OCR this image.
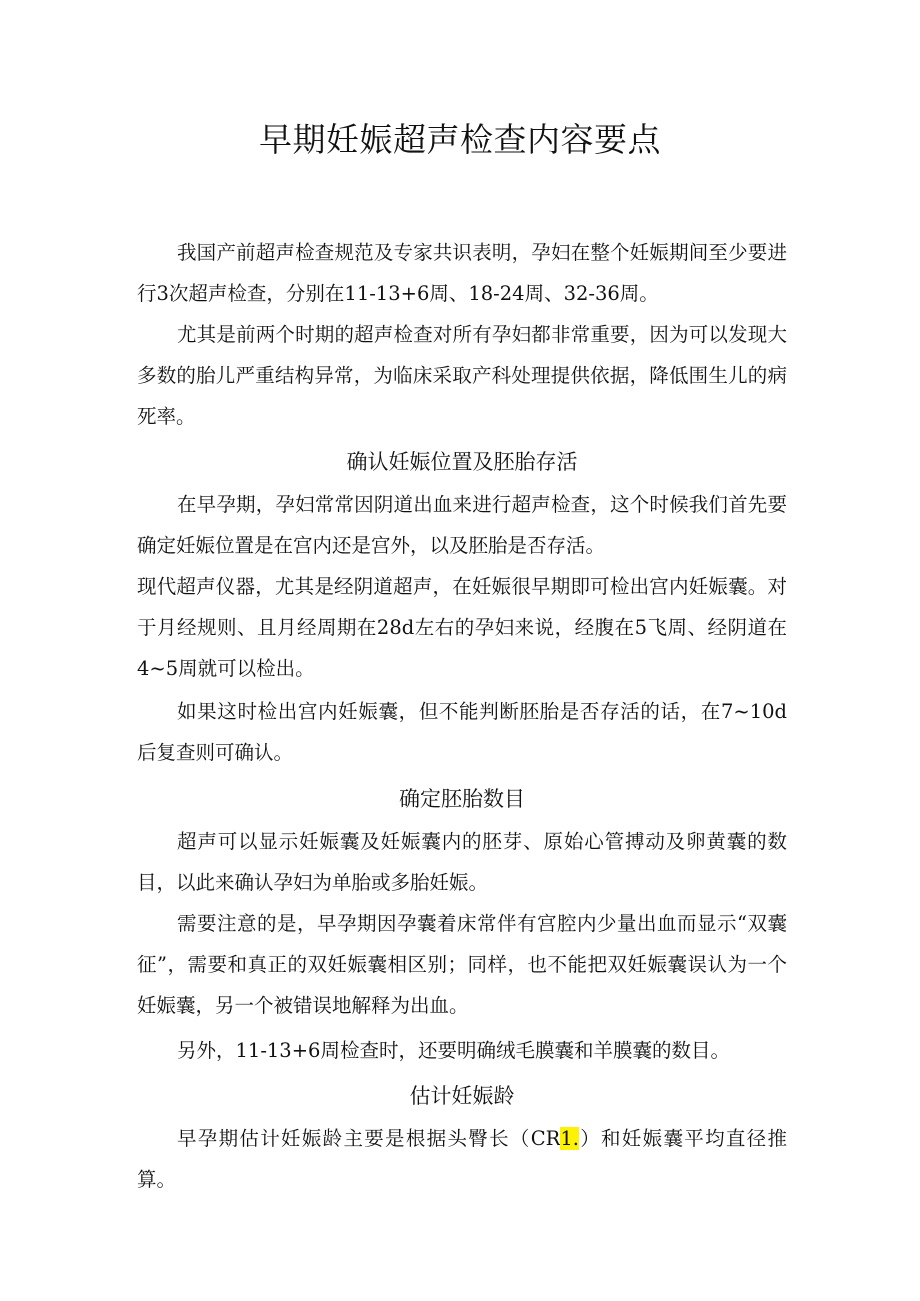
早期妊娠超声检查内容要点

我国产前超声检查规范及专家共识表明，孕妇在整个妊娠期间至少要进行3次超声检查，分别在11-13+6周、18-24周、32-36周。

尤其是前两个时期的超声检查对所有孕妇都非常重要，因为可以发现大多数的胎儿严重结构异常，为临床采取产科处理提供依据，降低围生儿的病死率。

确认妊娠位置及胚胎存活

在早孕期，孕妇常常因阴道出血来进行超声检查，这个时候我们首先要确定妊娠位置是在宫内还是宫外，以及胚胎是否存活。

现代超声仪器，尤其是经阴道超声，在妊娠很早期即可检出宫内妊娠囊。对于月经规则、且月经周期在28d左右的孕妇来说，经腹在5飞周、经阴道在4~5周就可以检出。

如果这时检出宫内妊娠囊，但不能判断胚胎是否存活的话，在7~10d后复查则可确认。

确定胚胎数目

超声可以显示妊娠囊及妊娠囊内的胚芽、原始心管搏动及卵黄囊的数目，以此来确认孕妇为单胎或多胎妊娠。

需要注意的是，早孕期因孕囊着床常伴有宫腔内少量出血而显示“双囊征”，需要和真正的双妊娠囊相区别；同样，也不能把双妊娠囊误认为一个妊娠囊，另一个被错误地解释为出血。

另外，11-13+6周检查时，还要明确绒毛膜囊和羊膜囊的数目。

估计妊娠龄

早孕期估计妊娠龄主要是根据头臀长（CR1.）和妊娠囊平均直径推算。
